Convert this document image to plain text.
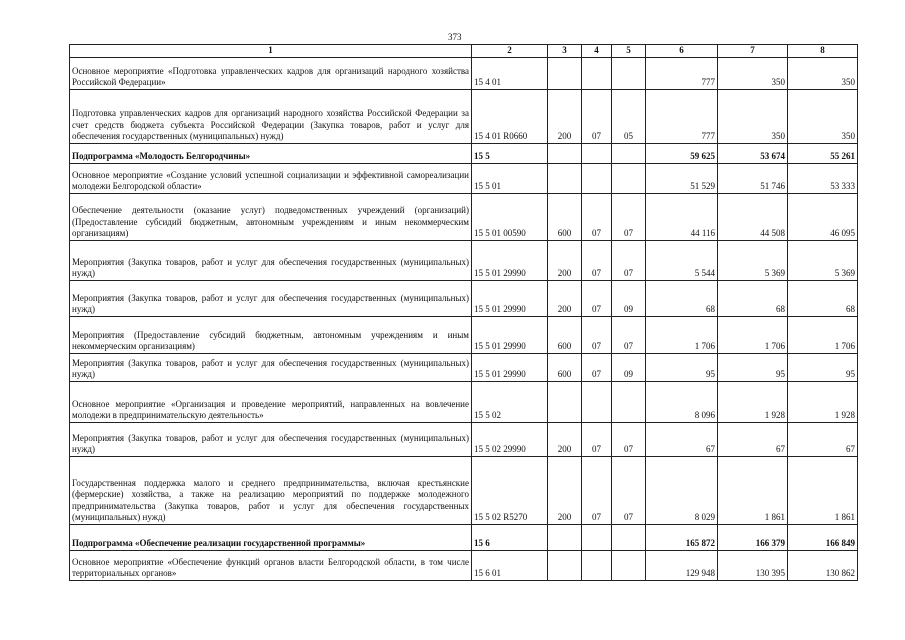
373
1	2	3	4	5	6	7	8
Основное мероприятие «Подготовка управленческих кадров для организаций народного хозяйства Российской Федерации»	15 4 01				777	350	350
Подготовка управленческих кадров для организаций народного хозяйства Российской Федерации за счет средств бюджета субъекта Российской Федерации (Закупка товаров, работ и услуг для обеспечения государственных (муниципальных) нужд)	15 4 01 R0660	200	07	05	777	350	350
Подпрограмма «Молодость Белгородчины»	15 5				59 625	53 674	55 261
Основное мероприятие «Создание условий успешной социализации и эффективной самореализации молодежи Белгородской области»	15 5 01				51 529	51 746	53 333
Обеспечение деятельности (оказание услуг) подведомственных учреждений (организаций) (Предоставление субсидий бюджетным, автономным учреждениям и иным некоммерческим организациям)	15 5 01 00590	600	07	07	44 116	44 508	46 095
Мероприятия (Закупка товаров, работ и услуг для обеспечения государственных (муниципальных) нужд)	15 5 01 29990	200	07	07	5 544	5 369	5 369
Мероприятия (Закупка товаров, работ и услуг для обеспечения государственных (муниципальных) нужд)	15 5 01 29990	200	07	09	68	68	68
Мероприятия (Предоставление субсидий бюджетным, автономным учреждениям и иным некоммерческим организациям)	15 5 01 29990	600	07	07	1 706	1 706	1 706
Мероприятия (Закупка товаров, работ и услуг для обеспечения государственных (муниципальных) нужд)	15 5 01 29990	600	07	09	95	95	95
Основное мероприятие «Организация и проведение мероприятий, направленных на вовлечение молодежи в предпринимательскую деятельность»	15 5 02				8 096	1 928	1 928
Мероприятия (Закупка товаров, работ и услуг для обеспечения государственных (муниципальных) нужд)	15 5 02 29990	200	07	07	67	67	67
Государственная поддержка малого и среднего предпринимательства, включая крестьянские (фермерские) хозяйства, а также на реализацию мероприятий по поддержке молодежного предпринимательства (Закупка товаров, работ и услуг для обеспечения государственных (муниципальных) нужд)	15 5 02 R5270	200	07	07	8 029	1 861	1 861
Подпрограмма «Обеспечение реализации государственной программы»	15 6				165 872	166 379	166 849
Основное мероприятие «Обеспечение функций органов власти Белгородской области, в том числе территориальных органов»	15 6 01				129 948	130 395	130 862
